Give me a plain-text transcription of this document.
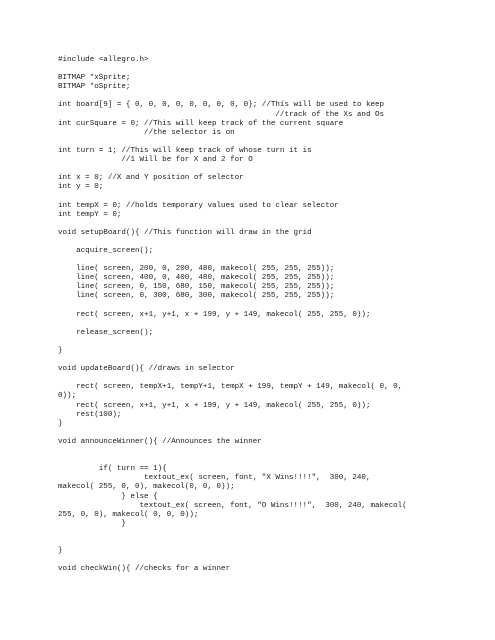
#include <allegro.h>
BITMAP *xSprite;
BITMAP *oSprite;
int board[9] = { 0, 0, 0, 0, 0, 0, 0, 0, 0}; //This will be used to keep
//track of the Xs and Os
int curSquare = 0; //This will keep track of the current square
//the selector is on
int turn = 1; //This will keep track of whose turn it is
//1 Will be for X and 2 for O
int x = 0; //X and Y position of selector
int y = 0;
int tempX = 0; //holds temporary values used to clear selector
int tempY = 0;
void setupBoard(){ //This function will draw in the grid
acquire_screen();
line( screen, 200, 0, 200, 480, makecol( 255, 255, 255));
line( screen, 400, 0, 400, 480, makecol( 255, 255, 255));
line( screen, 0, 150, 680, 150, makecol( 255, 255, 255));
line( screen, 0, 300, 680, 300, makecol( 255, 255, 255));
rect( screen, x+1, y+1, x + 199, y + 149, makecol( 255, 255, 0));
release_screen();
}
void updateBoard(){ //draws in selector
rect( screen, tempX+1, tempY+1, tempX + 199, tempY + 149, makecol( 0, 0,
0));
rect( screen, x+1, y+1, x + 199, y + 149, makecol( 255, 255, 0));
rest(100);
}
void announceWinner(){ //Announces the winner
if( turn == 1){
textout_ex( screen, font, "X Wins!!!!",  300, 240,
makecol( 255, 0, 0), makecol(0, 0, 0));
} else {
textout_ex( screen, font, "O Wins!!!!",  300, 240, makecol(
255, 0, 0), makecol( 0, 0, 0));
}
}
void checkWin(){ //checks for a winner
